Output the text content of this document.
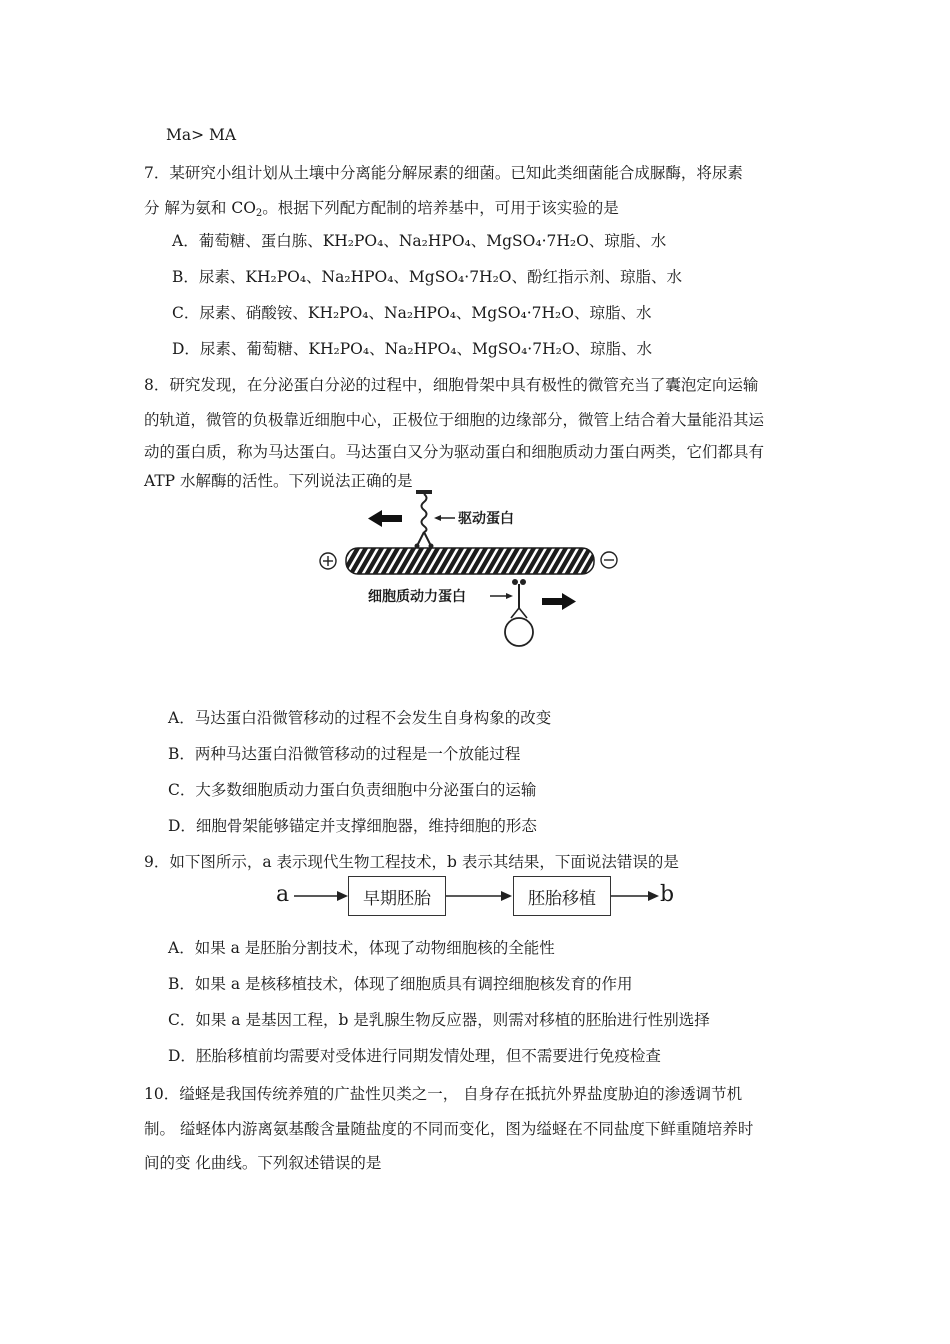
Ma> MA
7．某研究小组计划从土壤中分离能分解尿素的细菌。已知此类细菌能合成脲酶，将尿素
分 解为氨和 $CO_2$。根据下列配方配制的培养基中，可用于该实验的是
A．葡萄糖、蛋白胨、KH₂PO₄、Na₂HPO₄、MgSO₄·7H₂O、琼脂、水
B．尿素、KH₂PO₄、Na₂HPO₄、MgSO₄·7H₂O、酚红指示剂、琼脂、水
C．尿素、硝酸铵、KH₂PO₄、Na₂HPO₄、MgSO₄·7H₂O、琼脂、水
D．尿素、葡萄糖、KH₂PO₄、Na₂HPO₄、MgSO₄·7H₂O、琼脂、水
8．研究发现，在分泌蛋白分泌的过程中，细胞骨架中具有极性的微管充当了囊泡定向运输
的轨道，微管的负极靠近细胞中心，正极位于细胞的边缘部分，微管上结合着大量能沿其运
动的蛋白质，称为马达蛋白。马达蛋白又分为驱动蛋白和细胞质动力蛋白两类，它们都具有
ATP 水解酶的活性。下列说法正确的是
驱动蛋白
细胞质动力蛋白
A．马达蛋白沿微管移动的过程不会发生自身构象的改变
B．两种马达蛋白沿微管移动的过程是一个放能过程
C．大多数细胞质动力蛋白负责细胞中分泌蛋白的运输
D．细胞骨架能够锚定并支撑细胞器，维持细胞的形态
9．如下图所示，a 表示现代生物工程技术，b 表示其结果，下面说法错误的是
a	早期胚胎	胚胎移植	b
A．如果 a 是胚胎分割技术，体现了动物细胞核的全能性
B．如果 a 是核移植技术，体现了细胞质具有调控细胞核发育的作用
C．如果 a 是基因工程，b 是乳腺生物反应器，则需对移植的胚胎进行性别选择
D．胚胎移植前均需要对受体进行同期发情处理，但不需要进行免疫检查
10．缢蛏是我国传统养殖的广盐性贝类之一， 自身存在抵抗外界盐度胁迫的渗透调节机
制。 缢蛏体内游离氨基酸含量随盐度的不同而变化，图为缢蛏在不同盐度下鲜重随培养时
间的变 化曲线。下列叙述错误的是
